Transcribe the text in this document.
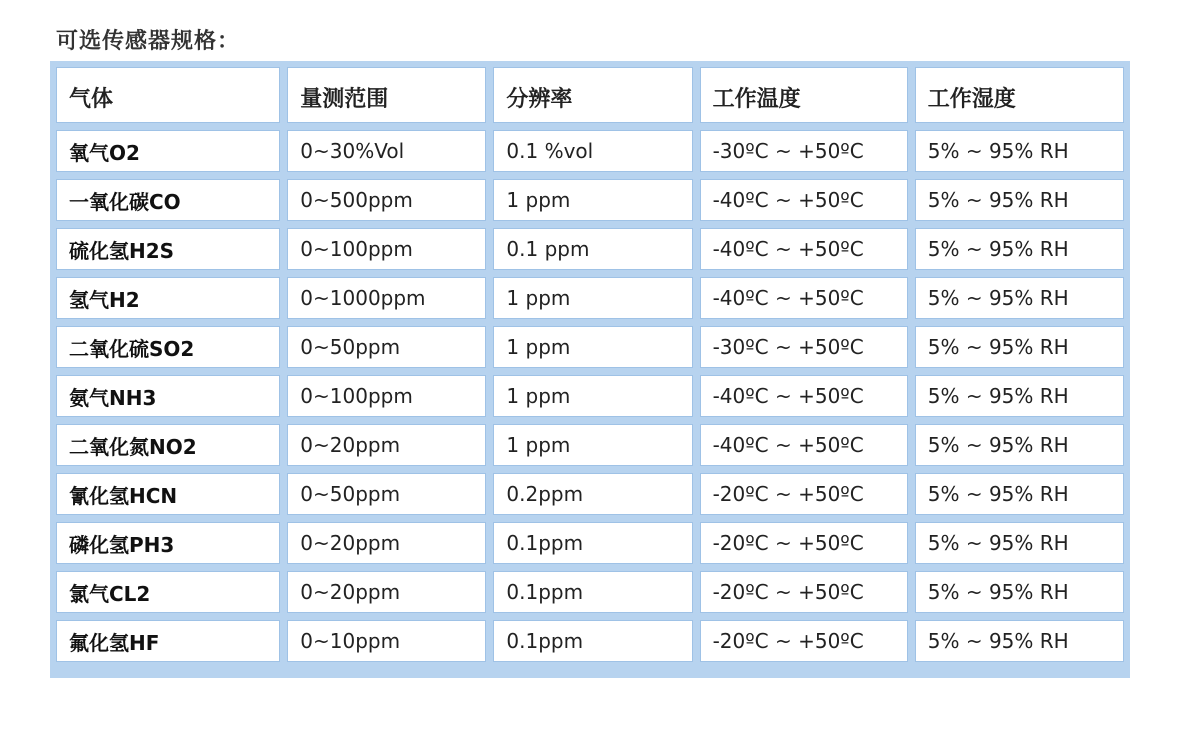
可选传感器规格：
气体	量测范围	分辨率	工作温度	工作湿度
氧气O2	0~30%Vol	0.1 %vol	-30ºC ~ +50ºC	5% ~ 95% RH
一氧化碳CO	0~500ppm	1 ppm	-40ºC ~ +50ºC	5% ~ 95% RH
硫化氢H2S	0~100ppm	0.1 ppm	-40ºC ~ +50ºC	5% ~ 95% RH
氢气H2	0~1000ppm	1 ppm	-40ºC ~ +50ºC	5% ~ 95% RH
二氧化硫SO2	0~50ppm	1 ppm	-30ºC ~ +50ºC	5% ~ 95% RH
氨气NH3	0~100ppm	1 ppm	-40ºC ~ +50ºC	5% ~ 95% RH
二氧化氮NO2	0~20ppm	1 ppm	-40ºC ~ +50ºC	5% ~ 95% RH
氰化氢HCN	0~50ppm	0.2ppm	-20ºC ~ +50ºC	5% ~ 95% RH
磷化氢PH3	0~20ppm	0.1ppm	-20ºC ~ +50ºC	5% ~ 95% RH
氯气CL2	0~20ppm	0.1ppm	-20ºC ~ +50ºC	5% ~ 95% RH
氟化氢HF	0~10ppm	0.1ppm	-20ºC ~ +50ºC	5% ~ 95% RH
